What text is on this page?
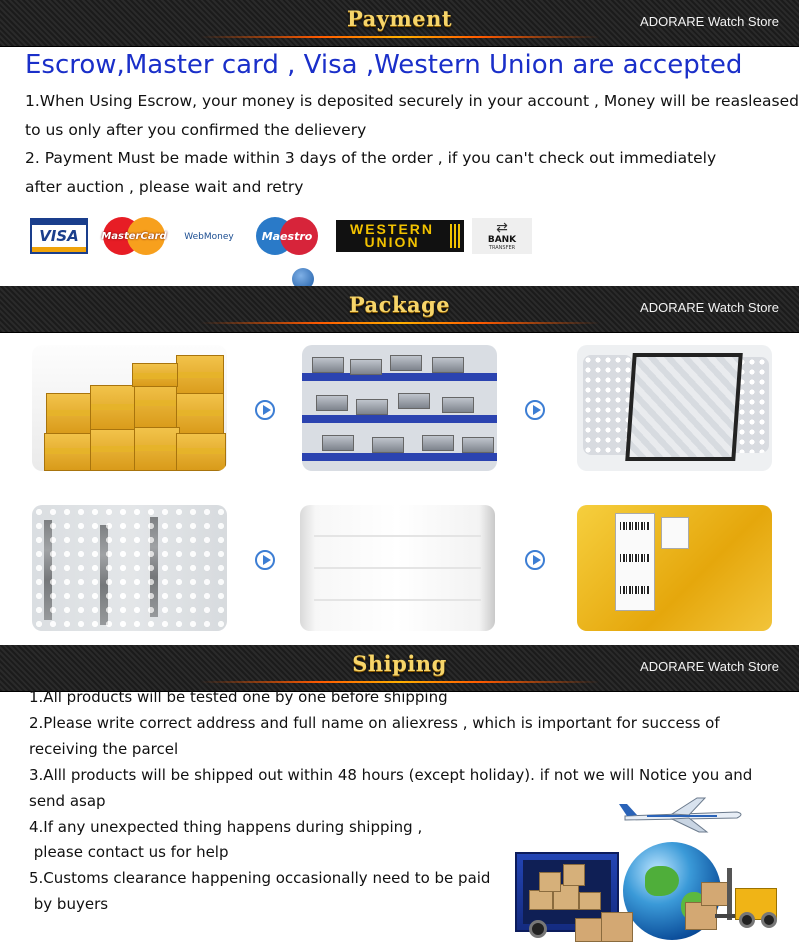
Payment	ADORARE Watch Store
Escrow,Master card , Visa ,Western Union are accepted
1.When Using Escrow, your money is deposited securely in your account , Money will be reasleased
to us only after you confirmed the delievery
2. Payment Must be made within 3 days of the order , if you can't check out immediately
after auction , please wait and retry
VISA MasterCard WebMoney	Maestro	WESTERN
UNION
⇄
BANK
TRANSFER
Package	ADORARE Watch Store
Shiping	ADORARE Watch Store
1.All products will be tested one by one before shipping
2.Please write correct address and full name on aliexress , which is important for success of
receiving the parcel
3.Alll products will be shipped out within 48 hours (except holiday). if not we will Notice you and
send asap
4.If any unexpected thing happens during shipping ,
please contact us for help
5.Customs clearance happening occasionally need to be paid
by buyers
